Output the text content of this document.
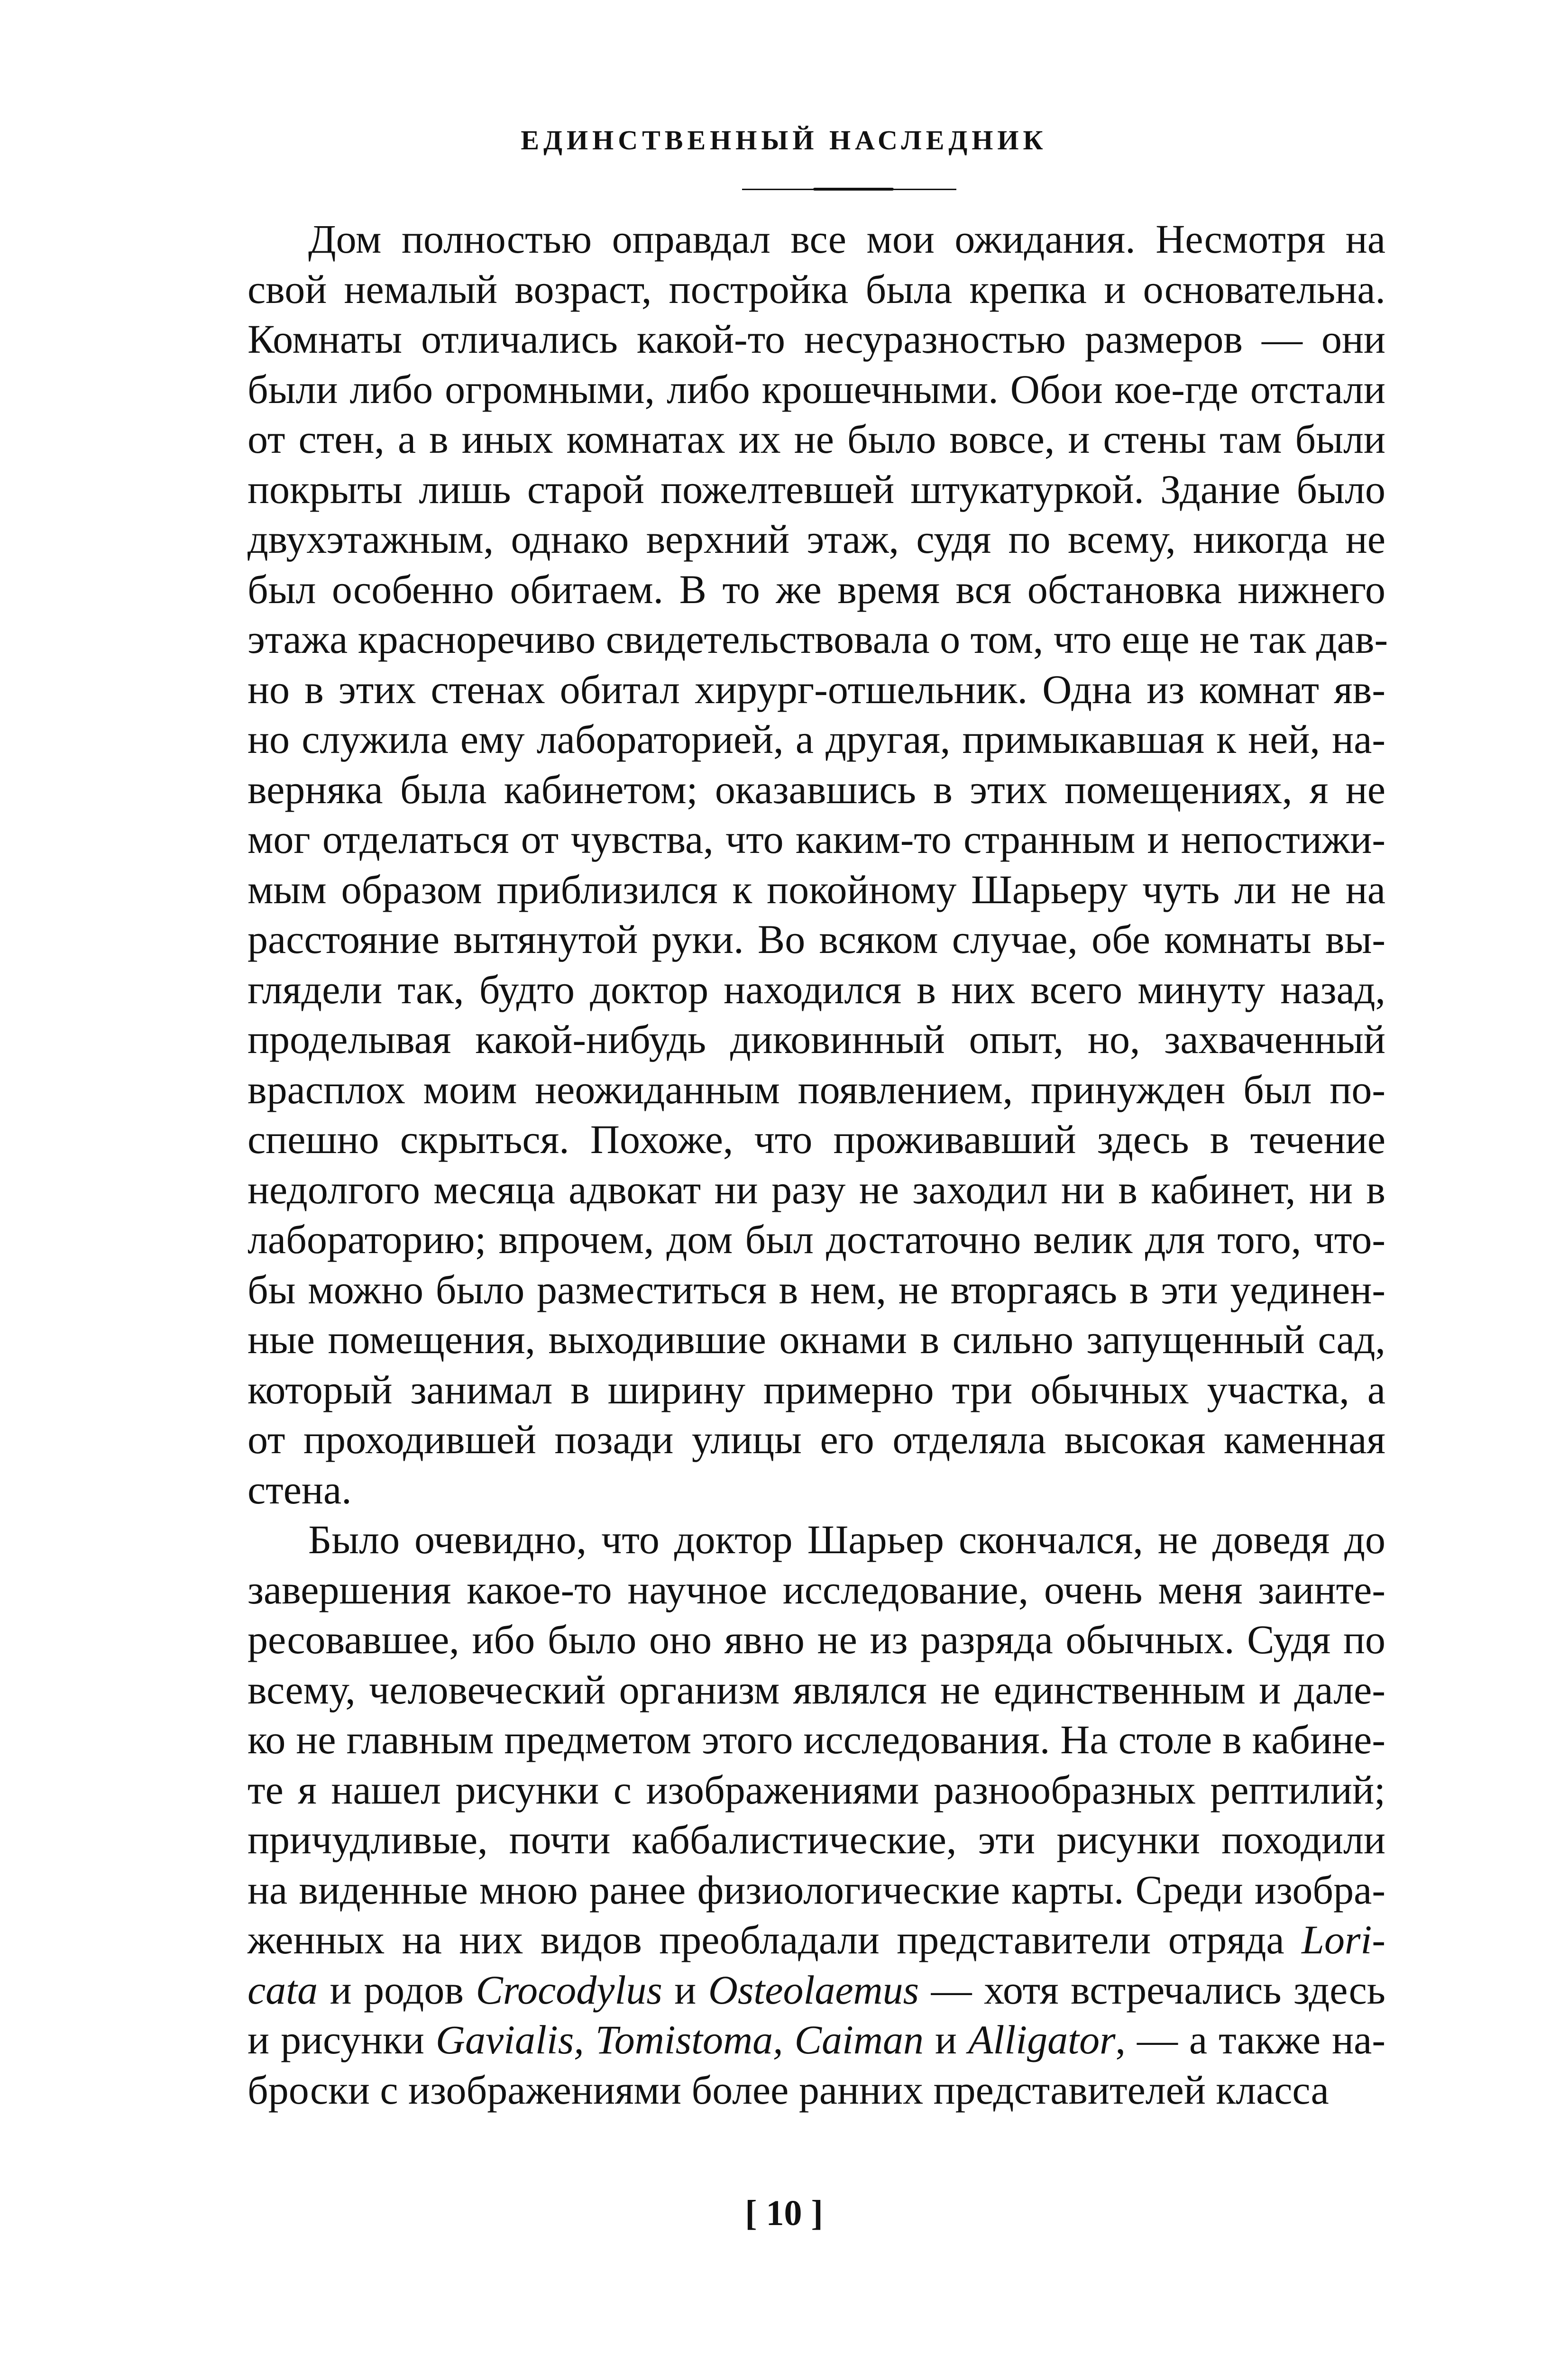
ЕДИНСТВЕННЫЙ НАСЛЕДНИК
Дом полностью оправдал все мои ожидания. Несмотря на
свой немалый возраст, постройка была крепка и основательна.
Комнаты отличались какой-то несуразностью размеров — они
были либо огромными, либо крошечными. Обои кое-где отстали
от стен, а в иных комнатах их не было вовсе, и стены там были
покрыты лишь старой пожелтевшей штукатуркой. Здание было
двухэтажным, однако верхний этаж, судя по всему, никогда не
был особенно обитаем. В то же время вся обстановка нижнего
этажа красноречиво свидетельствовала о том, что еще не так дав-
но в этих стенах обитал хирург-отшельник. Одна из комнат яв-
но служила ему лабораторией, а другая, примыкавшая к ней, на-
верняка была кабинетом; оказавшись в этих помещениях, я не
мог отделаться от чувства, что каким-то странным и непостижи-
мым образом приблизился к покойному Шарьеру чуть ли не на
расстояние вытянутой руки. Во всяком случае, обе комнаты вы-
глядели так, будто доктор находился в них всего минуту назад,
проделывая какой-нибудь диковинный опыт, но, захваченный
врасплох моим неожиданным появлением, принужден был по-
спешно скрыться. Похоже, что проживавший здесь в течение
недолгого месяца адвокат ни разу не заходил ни в кабинет, ни в
лабораторию; впрочем, дом был достаточно велик для того, что-
бы можно было разместиться в нем, не вторгаясь в эти уединен-
ные помещения, выходившие окнами в сильно запущенный сад,
который занимал в ширину примерно три обычных участка, а
от проходившей позади улицы его отделяла высокая каменная
стена.
Было очевидно, что доктор Шарьер скончался, не доведя до
завершения какое-то научное исследование, очень меня заинте-
ресовавшее, ибо было оно явно не из разряда обычных. Судя по
всему, человеческий организм являлся не единственным и дале-
ко не главным предметом этого исследования. На столе в кабине-
те я нашел рисунки с изображениями разнообразных рептилий;
причудливые, почти каббалистические, эти рисунки походили
на виденные мною ранее физиологические карты. Среди изобра-
женных на них видов преобладали представители отряда Lori-
cata и родов Crocodylus и Osteolaemus — хотя встречались здесь
и рисунки Gavialis, Tomistoma, Caiman и Alligator, — а также на-
броски с изображениями более ранних представителей класса
[ 10 ]
